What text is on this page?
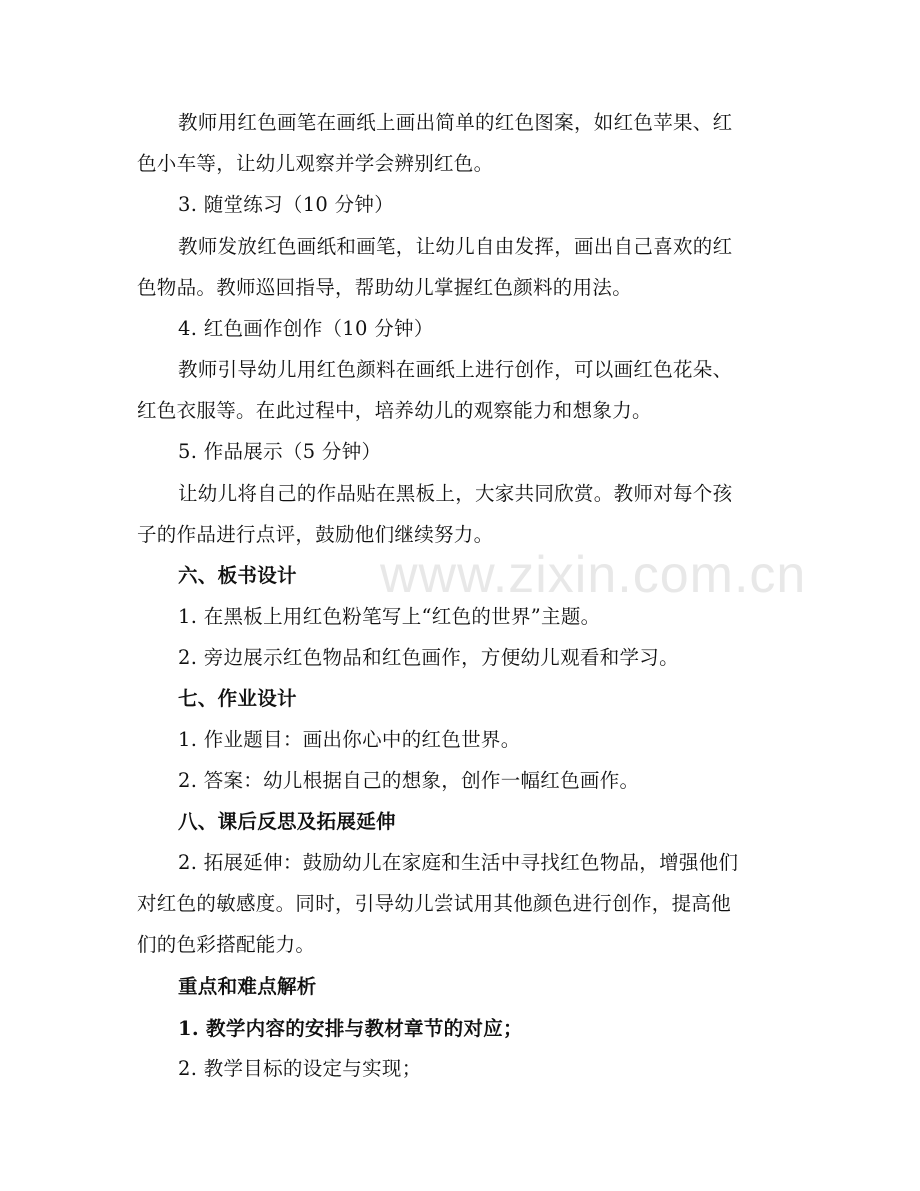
教师用红色画笔在画纸上画出简单的红色图案，如红色苹果、红
色小车等，让幼儿观察并学会辨别红色。
3. 随堂练习（10 分钟）
教师发放红色画纸和画笔，让幼儿自由发挥，画出自己喜欢的红
色物品。教师巡回指导，帮助幼儿掌握红色颜料的用法。
4. 红色画作创作（10 分钟）
教师引导幼儿用红色颜料在画纸上进行创作，可以画红色花朵、
红色衣服等。在此过程中，培养幼儿的观察能力和想象力。
5. 作品展示（5 分钟）
让幼儿将自己的作品贴在黑板上，大家共同欣赏。教师对每个孩
子的作品进行点评，鼓励他们继续努力。
六、板书设计
1. 在黑板上用红色粉笔写上“红色的世界”主题。
2. 旁边展示红色物品和红色画作，方便幼儿观看和学习。
七、作业设计
1. 作业题目：画出你心中的红色世界。
2. 答案：幼儿根据自己的想象，创作一幅红色画作。
八、课后反思及拓展延伸
2. 拓展延伸：鼓励幼儿在家庭和生活中寻找红色物品，增强他们
对红色的敏感度。同时，引导幼儿尝试用其他颜色进行创作，提高他
们的色彩搭配能力。
重点和难点解析
1. 教学内容的安排与教材章节的对应；
2. 教学目标的设定与实现；
www.zixin.com.cn
